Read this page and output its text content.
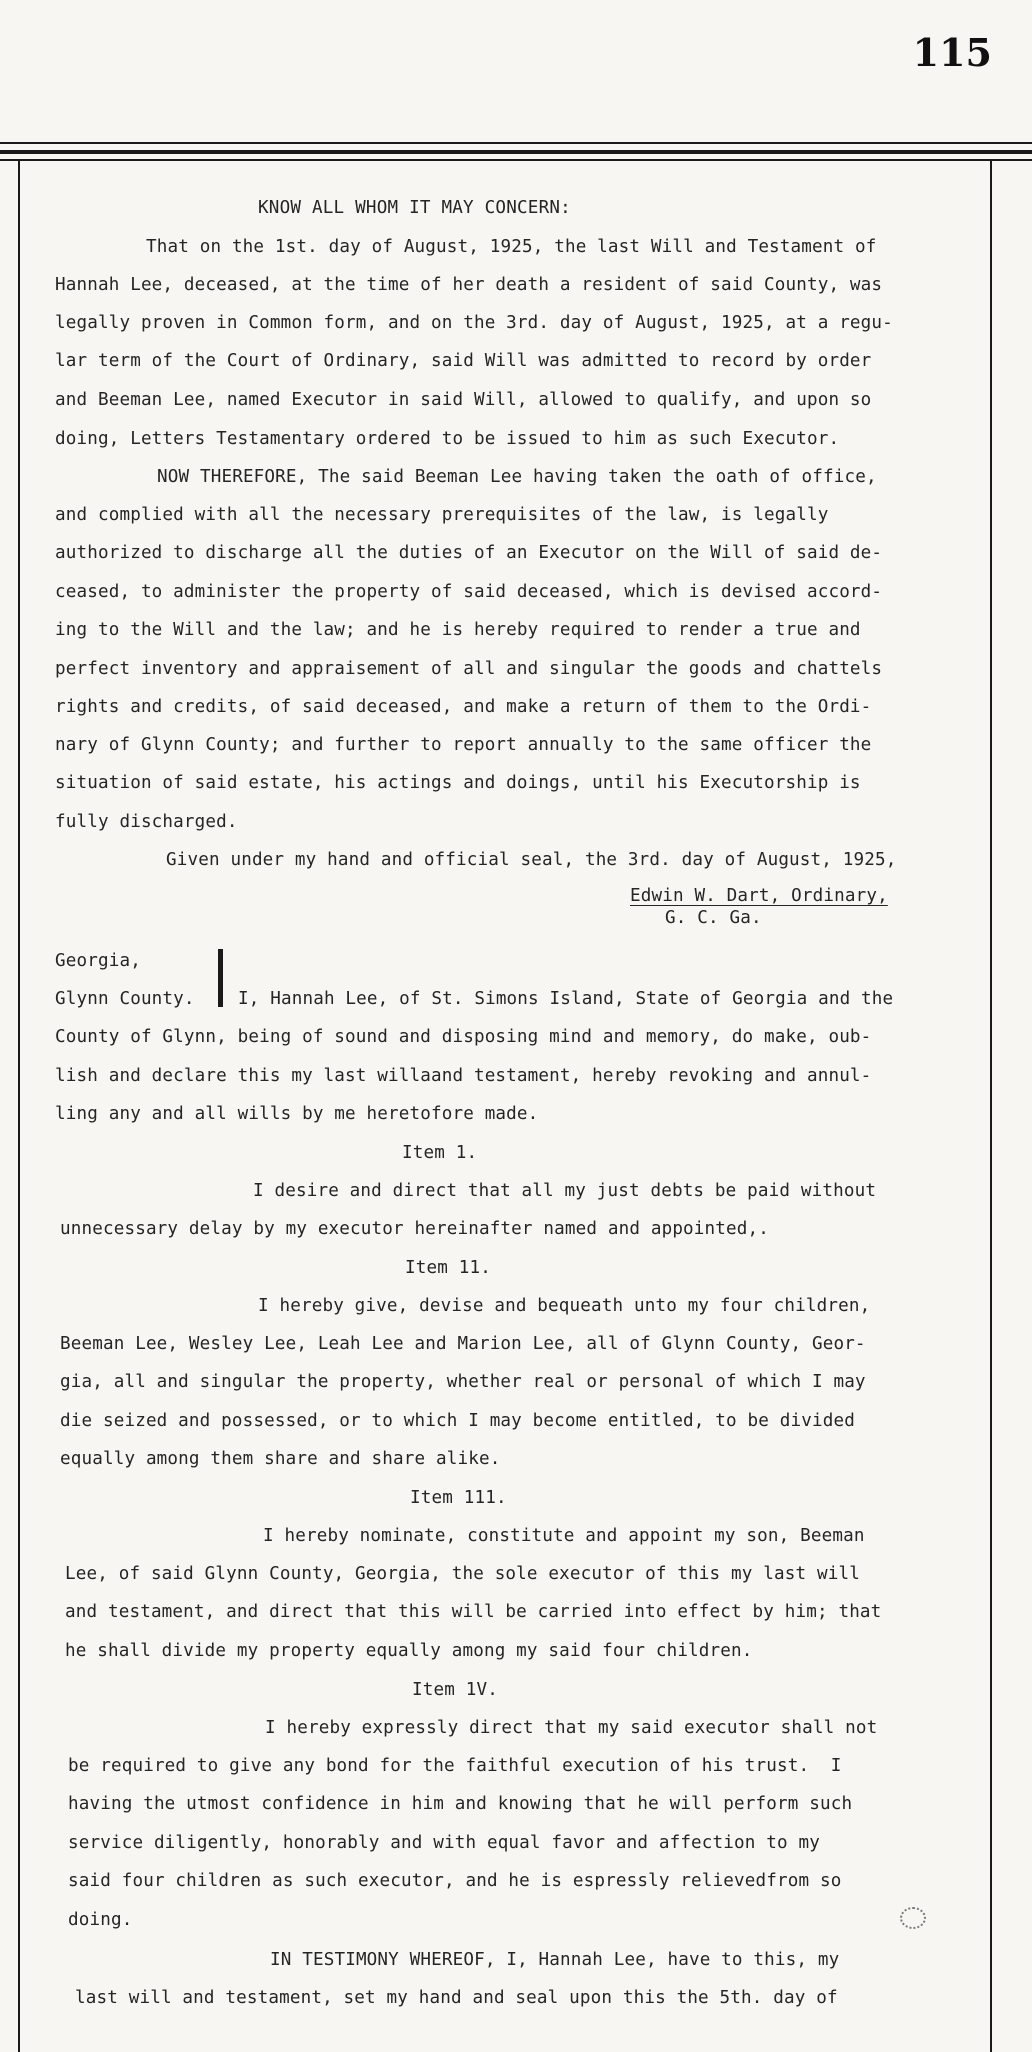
115
KNOW ALL WHOM IT MAY CONCERN:
That on the 1st. day of August, 1925, the last Will and Testament of
Hannah Lee, deceased, at the time of her death a resident of said County, was
legally proven in Common form, and on the 3rd. day of August, 1925, at a regu-
lar term of the Court of Ordinary, said Will was admitted to record by order
and Beeman Lee, named Executor in said Will, allowed to qualify, and upon so
doing, Letters Testamentary ordered to be issued to him as such Executor.
NOW THEREFORE, The said Beeman Lee having taken the oath of office,
and complied with all the necessary prerequisites of the law, is legally
authorized to discharge all the duties of an Executor on the Will of said de-
ceased, to administer the property of said deceased, which is devised accord-
ing to the Will and the law; and he is hereby required to render a true and
perfect inventory and appraisement of all and singular the goods and chattels
rights and credits, of said deceased, and make a return of them to the Ordi-
nary of Glynn County; and further to report annually to the same officer the
situation of said estate, his actings and doings, until his Executorship is
fully discharged.
Given under my hand and official seal, the 3rd. day of August, 1925,
Edwin W. Dart, Ordinary,
G. C. Ga.
Georgia,
Glynn County. I, Hannah Lee, of St. Simons Island, State of Georgia and the
County of Glynn, being of sound and disposing mind and memory, do make, oub-
lish and declare this my last willaand testament, hereby revoking and annul-
ling any and all wills by me heretofore made.
Item 1.
I desire and direct that all my just debts be paid without
unnecessary delay by my executor hereinafter named and appointed,.
Item 11.
I hereby give, devise and bequeath unto my four children,
Beeman Lee, Wesley Lee, Leah Lee and Marion Lee, all of Glynn County, Geor-
gia, all and singular the property, whether real or personal of which I may
die seized and possessed, or to which I may become entitled, to be divided
equally among them share and share alike.
Item 111.
I hereby nominate, constitute and appoint my son, Beeman
Lee, of said Glynn County, Georgia, the sole executor of this my last will
and testament, and direct that this will be carried into effect by him; that
he shall divide my property equally among my said four children.
Item 1V.
I hereby expressly direct that my said executor shall not
be required to give any bond for the faithful execution of his trust.  I
having the utmost confidence in him and knowing that he will perform such
service diligently, honorably and with equal favor and affection to my
said four children as such executor, and he is espressly relievedfrom so
doing.
IN TESTIMONY WHEREOF, I, Hannah Lee, have to this, my
last will and testament, set my hand and seal upon this the 5th. day of
